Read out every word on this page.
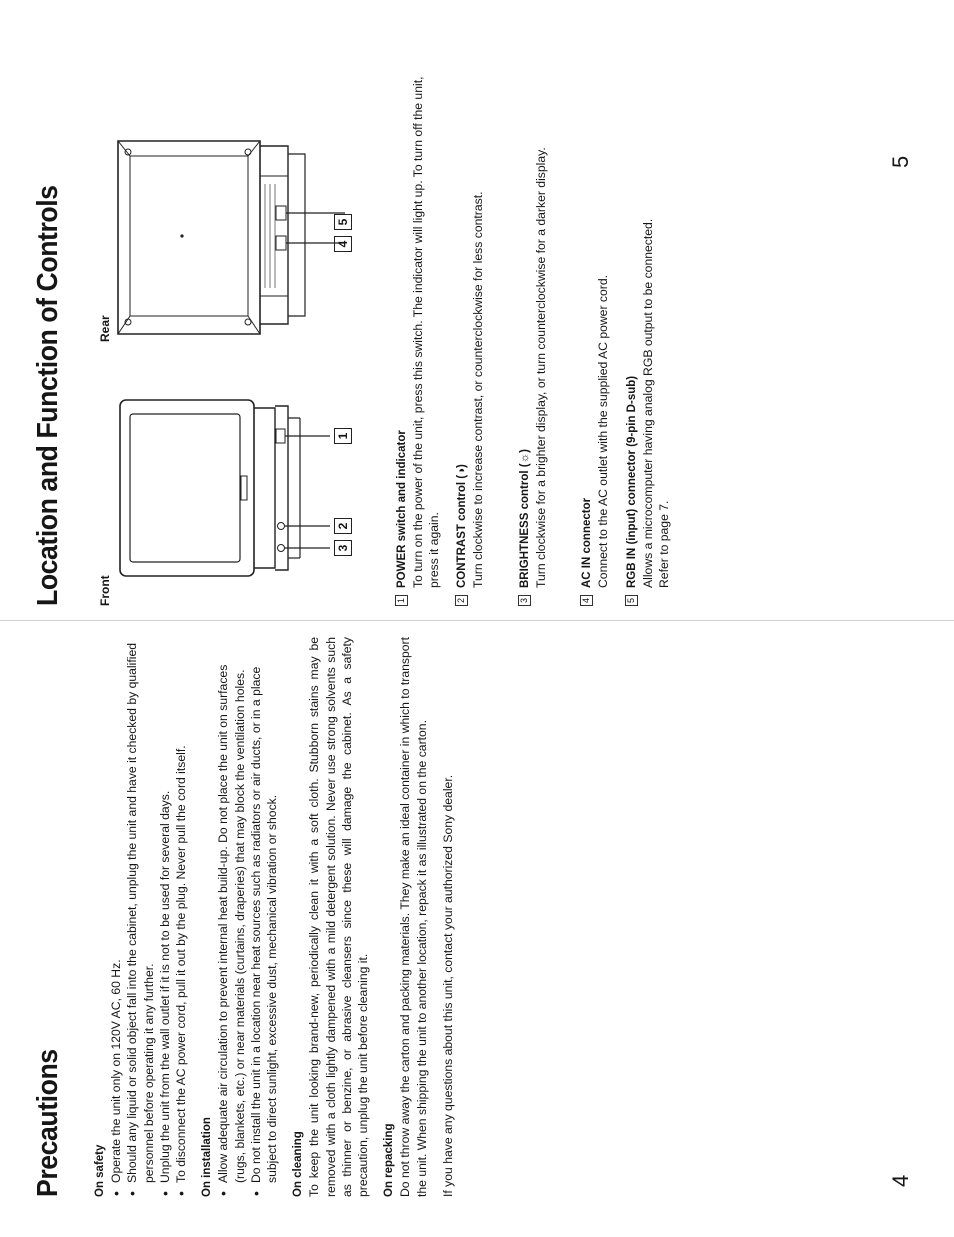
Precautions	On safety • Operate the unit only on 120V AC, 60 Hz. • Should any liquid or solid object fall into the cabinet, unplug the unit and have it checked by qualified personnel before operating it any further. • Unplug the unit from the wall outlet if it is not to be used for several days. • To disconnect the AC power cord, pull it out by the plug. Never pull the cord itself. On installation • Allow adequate air circulation to prevent internal heat build-up. Do not place the unit on surfaces (rugs, blankets, etc.) or near materials (curtains, draperies) that may block the ventilation holes. • Do not install the unit in a location near heat sources such as radiators or air ducts, or in a place subject to direct sunlight, excessive dust, mechanical vibration or shock. On cleaning To keep the unit looking brand-new, periodically clean it with a soft cloth. Stubborn stains may be removed with a cloth lightly dampened with a mild detergent solution. Never use strong solvents such as thinner or benzine, or abrasive cleansers since these will damage the cabinet. As a safety precaution, unplug the unit before cleaning it. On repacking Do not throw away the carton and packing materials. They make an ideal container in which to transport the unit. When shipping the unit to another location, repack it as illustrated on the carton. If you have any questions about this unit, contact your authorized Sony dealer.	4
Location and Function of Controls	Front
Rear
3
2
1
4
5
1
POWER switch and indicator To turn on the power of the unit, press this switch. The indicator will light up. To turn off the unit, press it again.
2
CONTRAST control (◑) Turn clockwise to increase contrast, or counterclockwise for less contrast.
3
BRIGHTNESS control (☼) Turn clockwise for a brighter display, or turn counterclockwise for a darker display.
4
AC IN connector Connect to the AC outlet with the supplied AC power cord.
5
RGB IN (input) connector (9-pin D-sub) Allows a microcomputer having analog RGB output to be connected. Refer to page 7.
5
